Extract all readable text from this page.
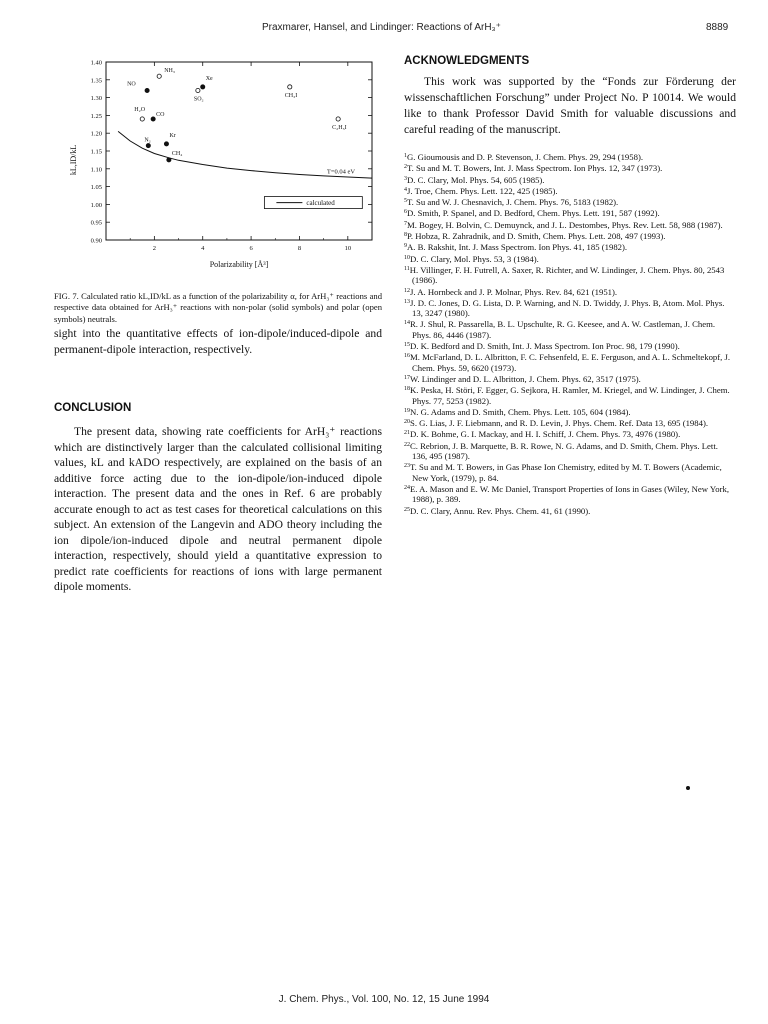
Praxmarer, Hansel, and Lindinger: Reactions of ArH₃⁺	8889
0.90
0.95
1.00
1.05
1.10
1.15
1.20
1.25
1.30
1.35
1.40
2	4	6	8	10
Polarizability [Å³]
kL,ID/kL
NO
NH₃
Xe
SO₂
CH₃I
H₂O
CO
C₂H₅I
N₂
Kr
CH₄
T=0.04 eV
calculated
FIG. 7. Calculated ratio kL,ID/kL as a function of the polarizability α, for ArH₃⁺ reactions and respective data obtained for ArH₃⁺ reactions with non-polar (solid symbols) and polar (open symbols) neutrals.
sight into the quantitative effects of ion-dipole/induced-dipole and permanent-dipole interaction, respectively.
CONCLUSION
The present data, showing rate coefficients for ArH₃⁺ reactions which are distinctively larger than the calculated collisional limiting values, kL and kADO respectively, are explained on the basis of an additive force acting due to the ion-dipole/ion-induced dipole interaction. The present data and the ones in Ref. 6 are probably accurate enough to act as test cases for theoretical calculations on this subject. An extension of the Langevin and ADO theory including the ion dipole/ion-induced dipole and neutral permanent dipole interaction, respectively, should yield a quantitative expression to predict rate coefficients for reactions of ions with large permanent dipole moments.
ACKNOWLEDGMENTS
This work was supported by the “Fonds zur Förderung der wissenschaftlichen Forschung” under Project No. P 10014. We would like to thank Professor David Smith for valuable discussions and careful reading of the manuscript.
$^1$G. Gioumousis and D. P. Stevenson, J. Chem. Phys. 29, 294 (1958).
$^2$T. Su and M. T. Bowers, Int. J. Mass Spectrom. Ion Phys. 12, 347 (1973).
$^3$D. C. Clary, Mol. Phys. 54, 605 (1985).
$^4$J. Troe, Chem. Phys. Lett. 122, 425 (1985).
$^5$T. Su and W. J. Chesnavich, J. Chem. Phys. 76, 5183 (1982).
$^6$D. Smith, P. Spanel, and D. Bedford, Chem. Phys. Lett. 191, 587 (1992).
$^7$M. Bogey, H. Bolvin, C. Demuynck, and J. L. Destombes, Phys. Rev. Lett. 58, 988 (1987).
$^8$P. Hobza, R. Zahradnik, and D. Smith, Chem. Phys. Lett. 208, 497 (1993).
$^9$A. B. Rakshit, Int. J. Mass Spectrom. Ion Phys. 41, 185 (1982).
$^{10}$D. C. Clary, Mol. Phys. 53, 3 (1984).
$^{11}$H. Villinger, F. H. Futrell, A. Saxer, R. Richter, and W. Lindinger, J. Chem. Phys. 80, 2543 (1986).
$^{12}$J. A. Hornbeck and J. P. Molnar, Phys. Rev. 84, 621 (1951).
$^{13}$J. D. C. Jones, D. G. Lista, D. P. Warning, and N. D. Twiddy, J. Phys. B, Atom. Mol. Phys. 13, 3247 (1980).
$^{14}$R. J. Shul, R. Passarella, B. L. Upschulte, R. G. Keesee, and A. W. Castleman, J. Chem. Phys. 86, 4446 (1987).
$^{15}$D. K. Bedford and D. Smith, Int. J. Mass Spectrom. Ion Proc. 98, 179 (1990).
$^{16}$M. McFarland, D. L. Albritton, F. C. Fehsenfeld, E. E. Ferguson, and A. L. Schmeltekopf, J. Chem. Phys. 59, 6620 (1973).
$^{17}$W. Lindinger and D. L. Albritton, J. Chem. Phys. 62, 3517 (1975).
$^{18}$K. Peska, H. Störi, F. Egger, G. Sejkora, H. Ramler, M. Kriegel, and W. Lindinger, J. Chem. Phys. 77, 5253 (1982).
$^{19}$N. G. Adams and D. Smith, Chem. Phys. Lett. 105, 604 (1984).
$^{20}$S. G. Lias, J. F. Liebmann, and R. D. Levin, J. Phys. Chem. Ref. Data 13, 695 (1984).
$^{21}$D. K. Bohme, G. I. Mackay, and H. I. Schiff, J. Chem. Phys. 73, 4976 (1980).
$^{22}$C. Rebrion, J. B. Marquette, B. R. Rowe, N. G. Adams, and D. Smith, Chem. Phys. Lett. 136, 495 (1987).
$^{23}$T. Su and M. T. Bowers, in Gas Phase Ion Chemistry, edited by M. T. Bowers (Academic, New York, (1979), p. 84.
$^{24}$E. A. Mason and E. W. Mc Daniel, Transport Properties of Ions in Gases (Wiley, New York, 1988), p. 389.
$^{25}$D. C. Clary, Annu. Rev. Phys. Chem. 41, 61 (1990).
J. Chem. Phys., Vol. 100, No. 12, 15 June 1994
